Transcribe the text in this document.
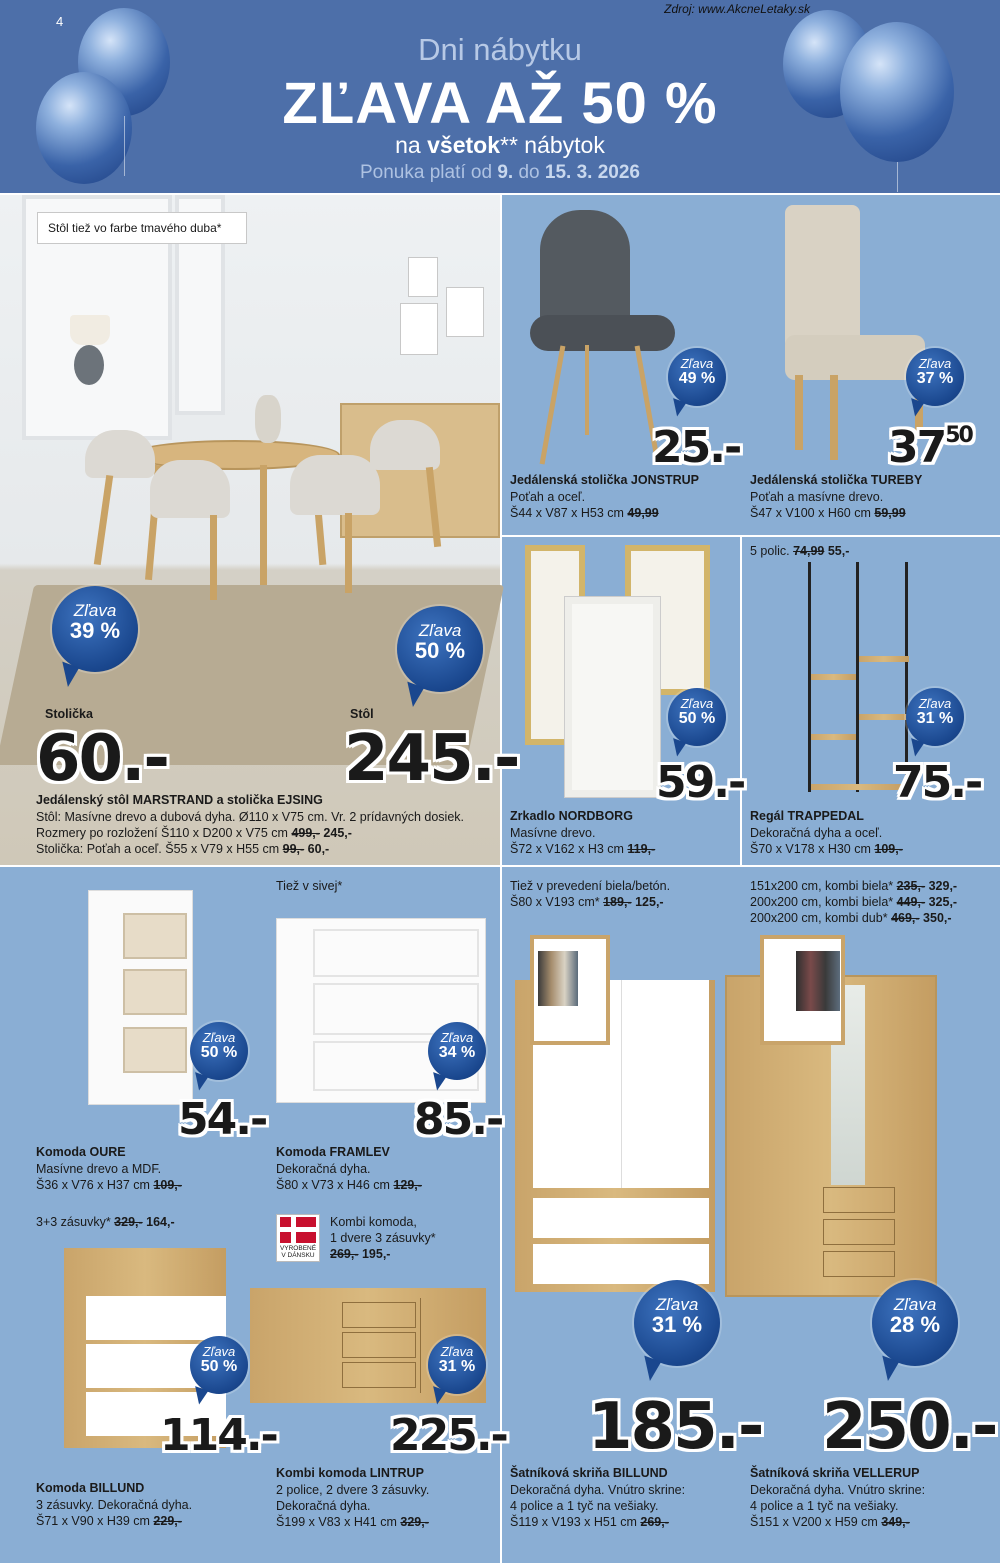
4
Zdroj: www.AkcneLetaky.sk
Dni nábytku
ZĽAVA AŽ 50 %
na všetok** nábytok
Ponuka platí od 9. do 15. 3. 2026
Stôl tiež vo farbe tmavého duba*
Zľava
39 %	Zľava
50 %
Stolička	Stôl
60.-	245.-
Jedálenský stôl MARSTRAND a stolička EJSING
Stôl: Masívne drevo a dubová dyha. Ø110 x V75 cm. Vr. 2 prídavných dosiek.
Rozmery po rozložení Š110 x D200 x V75 cm 499,- 245,-
Stolička: Poťah a oceľ. Š55 x V79 x H55 cm 99,- 60,-
Zľava
49 %
25.-
Jedálenská stolička JONSTRUP
Poťah a oceľ.
Š44 x V87 x H53 cm 49,99
Zľava
37 %
$37^{50}$
Jedálenská stolička TUREBY
Poťah a masívne drevo.
Š47 x V100 x H60 cm 59,99
Zľava
50 %
59.-
Zrkadlo NORDBORG
Masívne drevo.
Š72 x V162 x H3 cm 119,-
5 polic. 74,99 55,-
Zľava
31 %
75.-
Regál TRAPPEDAL
Dekoračná dyha a oceľ.
Š70 x V178 x H30 cm 109,-
Zľava
50 %
54.-
Komoda OURE
Masívne drevo a MDF.
Š36 x V76 x H37 cm 109,-
Tiež v sivej*
Zľava
34 %
85.-
Komoda FRAMLEV
Dekoračná dyha.
Š80 x V73 x H46 cm 129,-
3+3 zásuvky* 329,- 164,-
Zľava
50 %
114.-
Komoda BILLUND
3 zásuvky. Dekoračná dyha.
Š71 x V90 x H39 cm 229,-
VYROBENÉ V DÁNSKU
Kombi komoda,
1 dvere 3 zásuvky*
269,- 195,-
Zľava
31 %
225.-
Kombi komoda LINTRUP
2 police, 2 dvere 3 zásuvky.
Dekoračná dyha.
Š199 x V83 x H41 cm 329,-
Tiež v prevedení biela/betón.
Š80 x V193 cm* 189,- 125,-
Zľava
31 %
185.-
Šatníková skriňa BILLUND
Dekoračná dyha. Vnútro skrine:
4 police a 1 tyč na vešiaky.
Š119 x V193 x H51 cm 269,-
151x200 cm, kombi biela* 235,- 329,-
200x200 cm, kombi biela* 449,- 325,-
200x200 cm, kombi dub* 469,- 350,-
Zľava
28 %
250.-
Šatníková skriňa VELLERUP
Dekoračná dyha. Vnútro skrine:
4 police a 1 tyč na vešiaky.
Š151 x V200 x H59 cm 349,-
